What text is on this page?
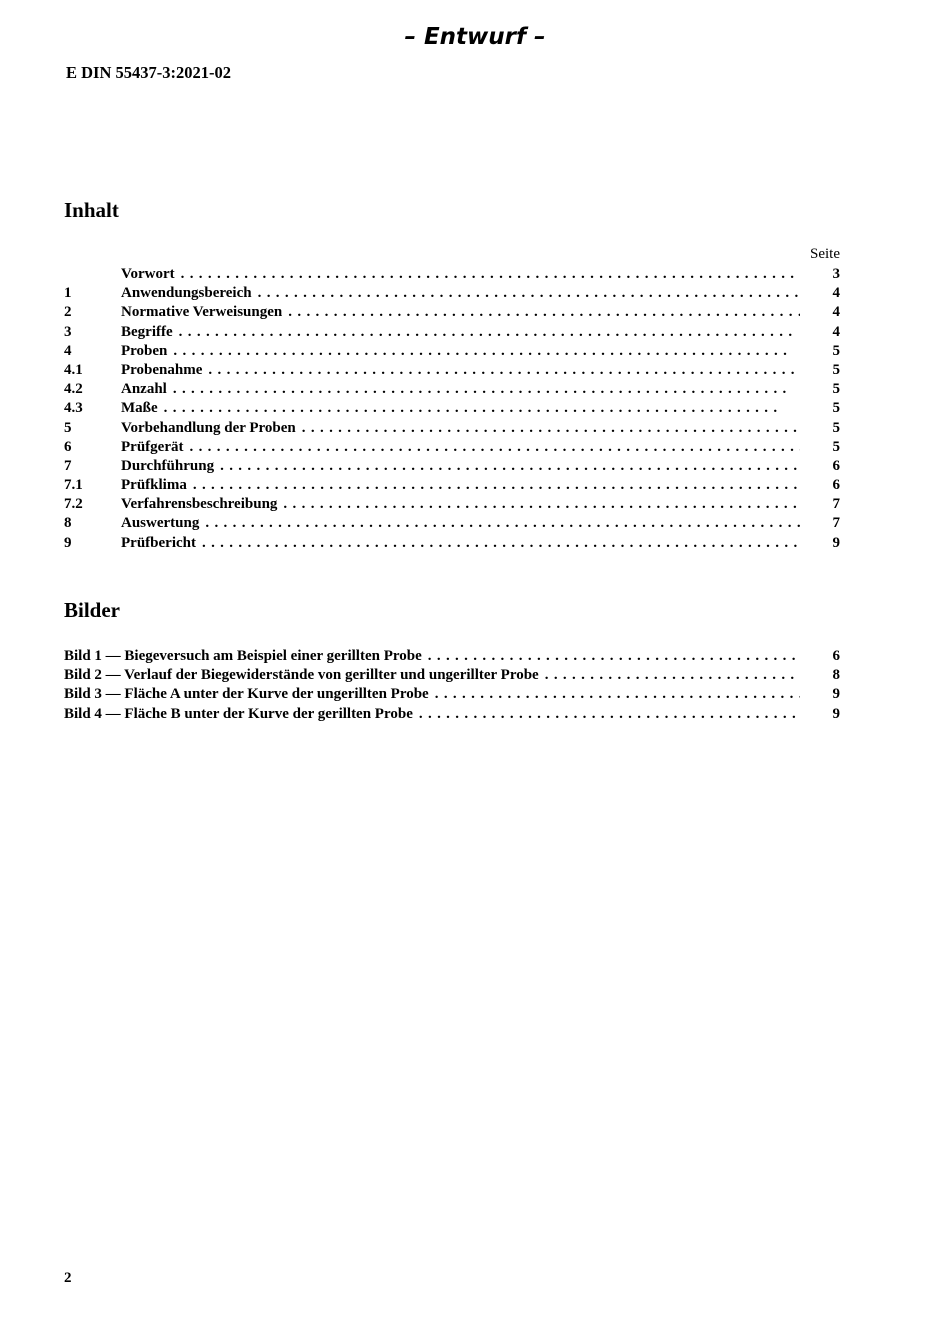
– Entwurf –
E DIN 55437-3:2021-02
Inhalt
Seite
Vorwort . . .	3
1	Anwendungsbereich . . .	4
2	Normative Verweisungen . . .	4
3	Begriffe . . .	4
4	Proben . . .	5
4.1	Probenahme . . .	5
4.2	Anzahl . . .	5
4.3	Maße . . .	5
5	Vorbehandlung der Proben . . .	5
6	Prüfgerät . . .	5
7	Durchführung . . .	6
7.1	Prüfklima . . .	6
7.2	Verfahrensbeschreibung . . .	7
8	Auswertung . . .	7
9	Prüfbericht . . .	9
Bilder
Bild 1 — Biegeversuch am Beispiel einer gerillten Probe . . .	6
Bild 2 — Verlauf der Biegewiderstände von gerillter und ungerillter Probe . . .	8
Bild 3 — Fläche A unter der Kurve der ungerillten Probe . . .	9
Bild 4 — Fläche B unter der Kurve der gerillten Probe . . .	9
2
